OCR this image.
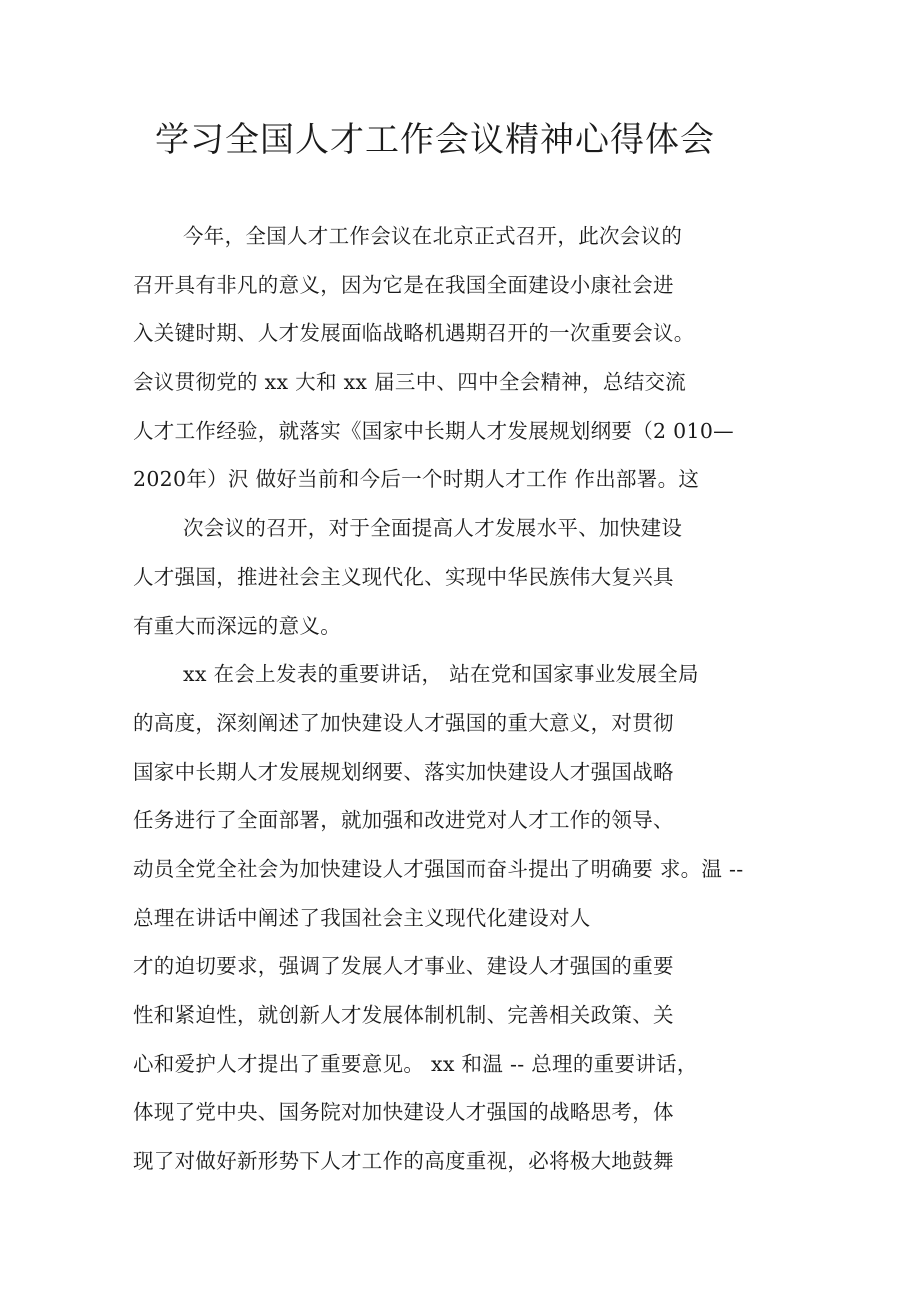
学习全国人才工作会议精神心得体会
今年，全国人才工作会议在北京正式召开，此次会议的
召开具有非凡的意义，因为它是在我国全面建设小康社会进
入关键时期、人才发展面临战略机遇期召开的一次重要会议。
会议贯彻党的 xx 大和 xx 届三中、四中全会精神，总结交流
人才工作经验，就落实《国家中长期人才发展规划纲要（2 010—
2020年）沢 做好当前和今后一个时期人才工作 作出部署。这
次会议的召开，对于全面提高人才发展水平、加快建设
人才强国，推进社会主义现代化、实现中华民族伟大复兴具
有重大而深远的意义。
xx 在会上发表的重要讲话， 站在党和国家事业发展全局
的高度，深刻阐述了加快建设人才强国的重大意义，对贯彻
国家中长期人才发展规划纲要、落实加快建设人才强国战略
任务进行了全面部署，就加强和改进党对人才工作的领导、
动员全党全社会为加快建设人才强国而奋斗提出了明确要 求。温 --
总理在讲话中阐述了我国社会主义现代化建设对人
才的迫切要求，强调了发展人才事业、建设人才强国的重要
性和紧迫性，就创新人才发展体制机制、完善相关政策、关
心和爱护人才提出了重要意见。 xx 和温 -- 总理的重要讲话，
体现了党中央、国务院对加快建设人才强国的战略思考，体
现了对做好新形势下人才工作的高度重视，必将极大地鼓舞
